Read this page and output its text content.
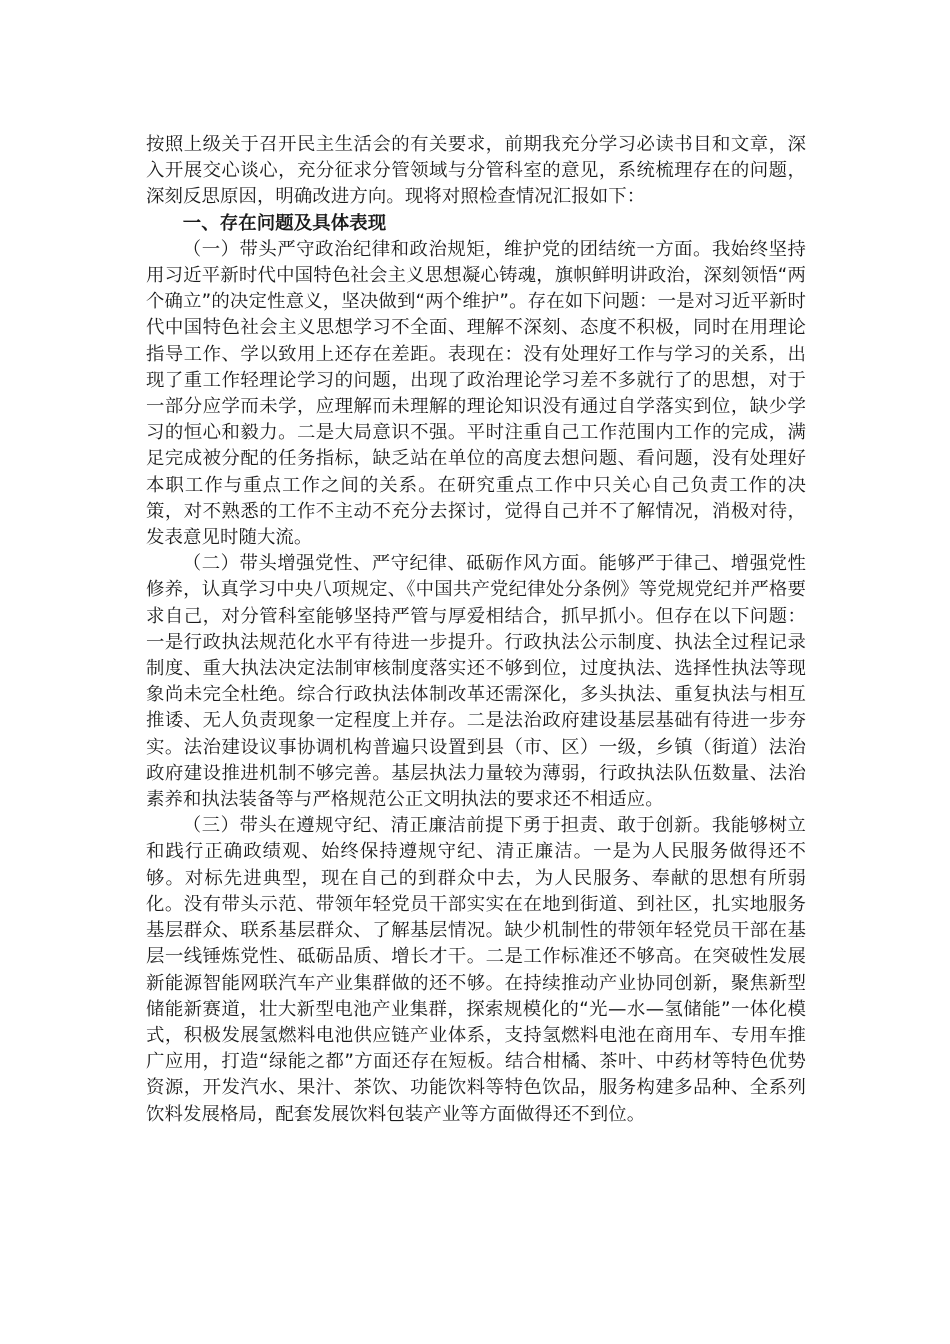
按照上级关于召开民主生活会的有关要求，前期我充分学习必读书目和文章，深入开展交心谈心，充分征求分管领域与分管科室的意见，系统梳理存在的问题，深刻反思原因，明确改进方向。现将对照检查情况汇报如下：

一、存在问题及具体表现

（一）带头严守政治纪律和政治规矩，维护党的团结统一方面。我始终坚持用习近平新时代中国特色社会主义思想凝心铸魂，旗帜鲜明讲政治，深刻领悟“两个确立”的决定性意义，坚决做到“两个维护”。存在如下问题：一是对习近平新时代中国特色社会主义思想学习不全面、理解不深刻、态度不积极，同时在用理论指导工作、学以致用上还存在差距。表现在：没有处理好工作与学习的关系，出现了重工作轻理论学习的问题，出现了政治理论学习差不多就行了的思想，对于一部分应学而未学，应理解而未理解的理论知识没有通过自学落实到位，缺少学习的恒心和毅力。二是大局意识不强。平时注重自己工作范围内工作的完成，满足完成被分配的任务指标，缺乏站在单位的高度去想问题、看问题，没有处理好本职工作与重点工作之间的关系。在研究重点工作中只关心自己负责工作的决策，对不熟悉的工作不主动不充分去探讨，觉得自己并不了解情况，消极对待，发表意见时随大流。

（二）带头增强党性、严守纪律、砥砺作风方面。能够严于律己、增强党性修养，认真学习中央八项规定、《中国共产党纪律处分条例》等党规党纪并严格要求自己，对分管科室能够坚持严管与厚爱相结合，抓早抓小。但存在以下问题：一是行政执法规范化水平有待进一步提升。行政执法公示制度、执法全过程记录制度、重大执法决定法制审核制度落实还不够到位，过度执法、选择性执法等现象尚未完全杜绝。综合行政执法体制改革还需深化，多头执法、重复执法与相互推诿、无人负责现象一定程度上并存。二是法治政府建设基层基础有待进一步夯实。法治建设议事协调机构普遍只设置到县（市、区）一级，乡镇（街道）法治政府建设推进机制不够完善。基层执法力量较为薄弱，行政执法队伍数量、法治素养和执法装备等与严格规范公正文明执法的要求还不相适应。

（三）带头在遵规守纪、清正廉洁前提下勇于担责、敢于创新。我能够树立和践行正确政绩观、始终保持遵规守纪、清正廉洁。一是为人民服务做得还不够。对标先进典型，现在自己的到群众中去，为人民服务、奉献的思想有所弱化。没有带头示范、带领年轻党员干部实实在在地到街道、到社区，扎实地服务基层群众、联系基层群众、了解基层情况。缺少机制性的带领年轻党员干部在基层一线锤炼党性、砥砺品质、增长才干。二是工作标准还不够高。在突破性发展新能源智能网联汽车产业集群做的还不够。在持续推动产业协同创新，聚焦新型储能新赛道，壮大新型电池产业集群，探索规模化的“光—水—氢储能”一体化模式，积极发展氢燃料电池供应链产业体系，支持氢燃料电池在商用车、专用车推广应用，打造“绿能之都”方面还存在短板。结合柑橘、茶叶、中药材等特色优势资源，开发汽水、果汁、茶饮、功能饮料等特色饮品，服务构建多品种、全系列饮料发展格局，配套发展饮料包装产业等方面做得还不到位。
